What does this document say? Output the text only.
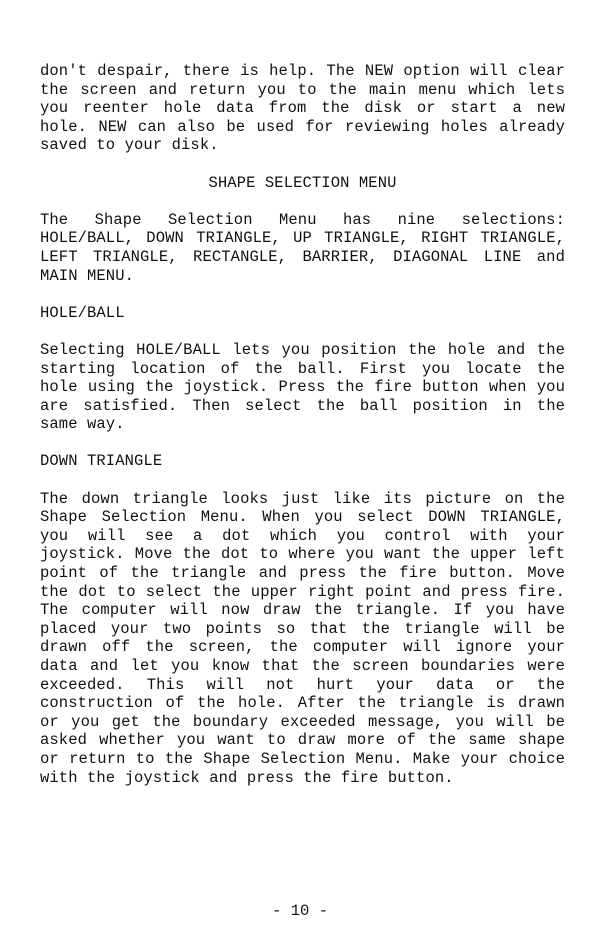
don't despair, there is help. The NEW option will clear the screen and return you to the main menu which lets you reenter hole data from the disk or start a new hole. NEW can also be used for reviewing holes already saved to your disk.

SHAPE SELECTION MENU

The Shape Selection Menu has nine selections: HOLE/BALL, DOWN TRIANGLE, UP TRIANGLE, RIGHT TRIANGLE, LEFT TRIANGLE, RECTANGLE, BARRIER, DIAGONAL LINE and MAIN MENU.

HOLE/BALL

Selecting HOLE/BALL lets you position the hole and the starting location of the ball. First you locate the hole using the joystick. Press the fire button when you are satisfied. Then select the ball position in the same way.

DOWN TRIANGLE

The down triangle looks just like its picture on the Shape Selection Menu. When you select DOWN TRIANGLE, you will see a dot which you control with your joystick. Move the dot to where you want the upper left point of the triangle and press the fire button. Move the dot to select the upper right point and press fire. The computer will now draw the triangle. If you have placed your two points so that the triangle will be drawn off the screen, the computer will ignore your data and let you know that the screen boundaries were exceeded. This will not hurt your data or the construction of the hole. After the triangle is drawn or you get the boundary exceeded message, you will be asked whether you want to draw more of the same shape or return to the Shape Selection Menu. Make your choice with the joystick and press the fire button.

- 10 -
